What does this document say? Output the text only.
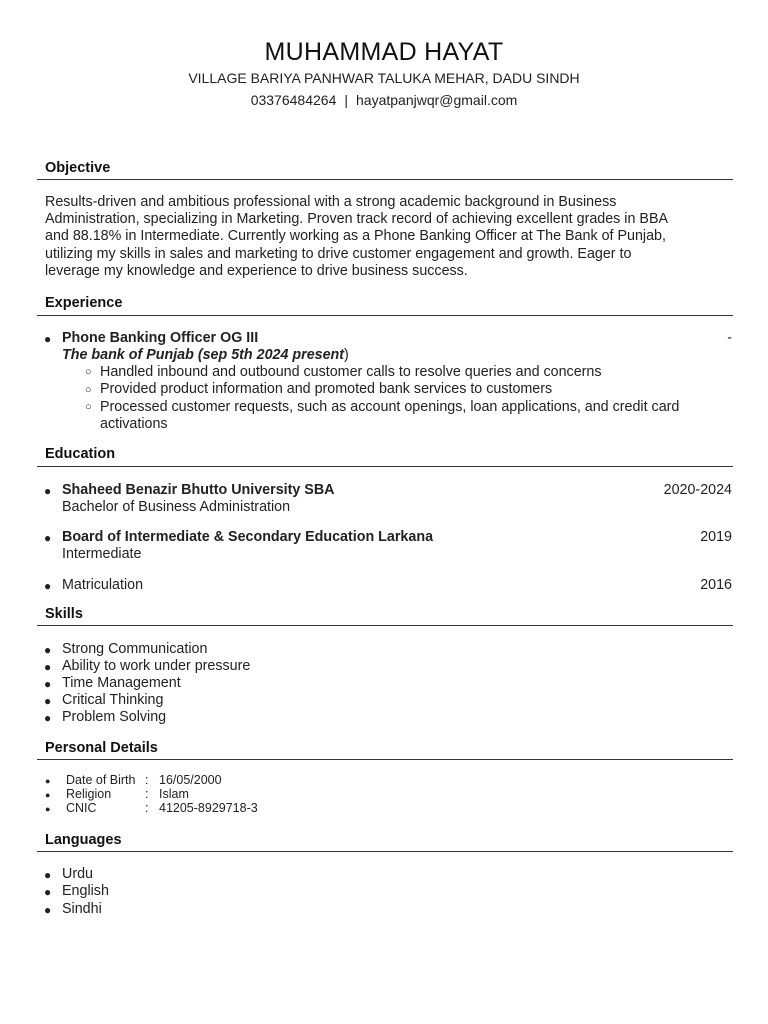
MUHAMMAD HAYAT
VILLAGE BARIYA PANHWAR TALUKA MEHAR, DADU SINDH
03376484264 | hayatpanjwqr@gmail.com
Objective
Results-driven and ambitious professional with a strong academic background in Business
Administration, specializing in Marketing. Proven track record of achieving excellent grades in BBA
and 88.18% in Intermediate. Currently working as a Phone Banking Officer at The Bank of Punjab,
utilizing my skills in sales and marketing to drive customer engagement and growth. Eager to
leverage my knowledge and experience to drive business success.
Experience
● Phone Banking Officer OG III	-
The bank of Punjab (sep 5th 2024 present)
○ Handled inbound and outbound customer calls to resolve queries and concerns
○ Provided product information and promoted bank services to customers
○ Processed customer requests, such as account openings, loan applications, and credit card
activations
Education
● Shaheed Benazir Bhutto University SBA	2020-2024
Bachelor of Business Administration
● Board of Intermediate & Secondary Education Larkana	2019
Intermediate
● Matriculation	2016
Skills
● Strong Communication
● Ability to work under pressure
● Time Management
● Critical Thinking
● Problem Solving
Personal Details
● Date of Birth : 16/05/2000
● Religion	: Islam
● CNIC	: 41205-8929718-3
Languages
● Urdu
● English
● Sindhi
